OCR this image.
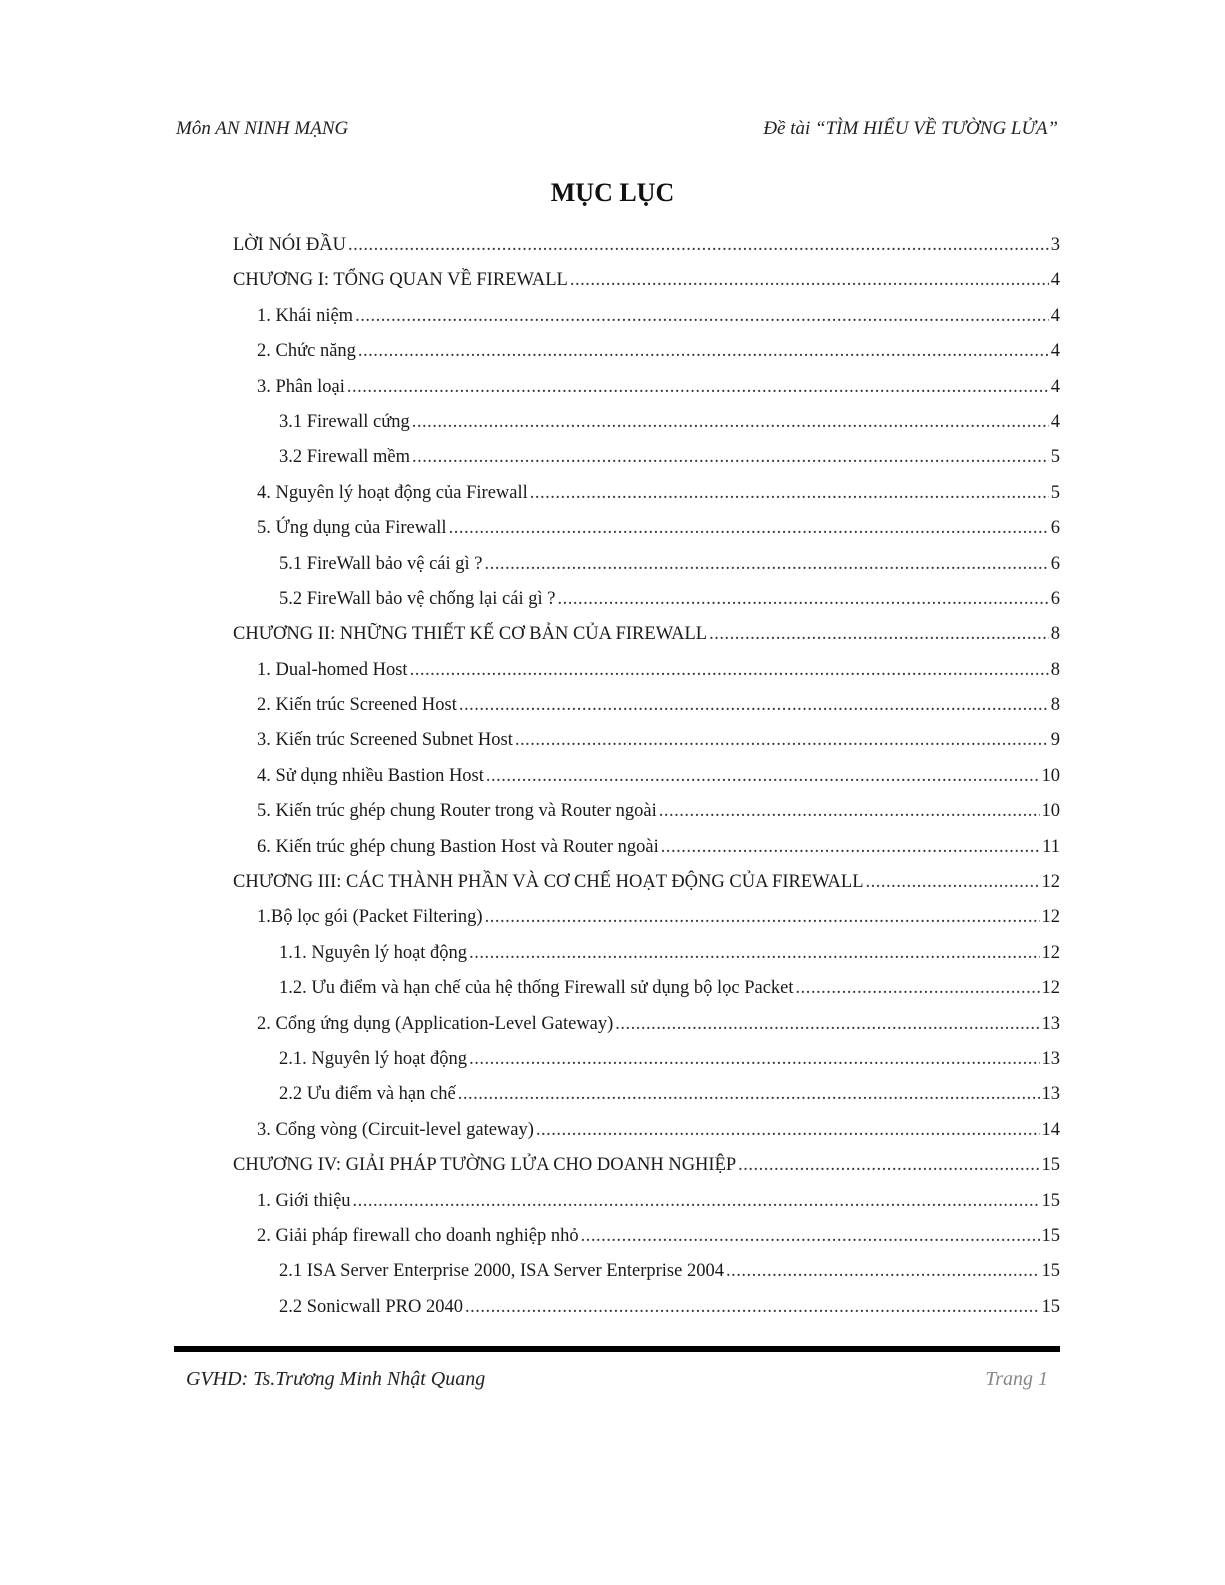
Môn AN NINH MẠNG	Đề tài “TÌM HIỂU VỀ TƯỜNG LỬA”
MỤC LỤC
LỜI NÓI ĐẦU .....	3
CHƯƠNG I: TỔNG QUAN VỀ FIREWALL .....	4
1. Khái niệm .....	4
2. Chức năng .....	4
3. Phân loại .....	4
3.1 Firewall cứng .....	4
3.2 Firewall mềm .....	5
4. Nguyên lý hoạt động của Firewall .....	5
5. Ứng dụng của Firewall .....	6
5.1 FireWall bảo vệ cái gì ? .....	6
5.2 FireWall bảo vệ chống lại cái gì ? .....	6
CHƯƠNG II: NHỮNG THIẾT KẾ CƠ BẢN CỦA FIREWALL .....	8
1. Dual-homed Host .....	8
2. Kiến trúc Screened Host .....	8
3. Kiến trúc Screened Subnet Host .....	9
4. Sử dụng nhiều Bastion Host .....	10
5. Kiến trúc ghép chung Router trong và Router ngoài .....	10
6. Kiến trúc ghép chung Bastion Host và Router ngoài .....	11
CHƯƠNG III: CÁC THÀNH PHẦN VÀ CƠ CHẾ HOẠT ĐỘNG CỦA FIREWALL .....	12
1.Bộ lọc gói (Packet Filtering) .....	12
1.1. Nguyên lý hoạt động .....	12
1.2. Ưu điểm và hạn chế của hệ thống Firewall sử dụng bộ lọc Packet .....	12
2. Cổng ứng dụng (Application-Level Gateway) .....	13
2.1. Nguyên lý hoạt động .....	13
2.2 Ưu điểm và hạn chế .....	13
3. Cổng vòng (Circuit-level gateway) .....	14
CHƯƠNG IV: GIẢI PHÁP TƯỜNG LỬA CHO DOANH NGHIỆP .....	15
1. Giới thiệu .....	15
2. Giải pháp firewall cho doanh nghiệp nhỏ .....	15
2.1 ISA Server Enterprise 2000, ISA Server Enterprise 2004 .....	15
2.2 Sonicwall PRO 2040 .....	15
GVHD: Ts.Trương Minh Nhật Quang	Trang 1
